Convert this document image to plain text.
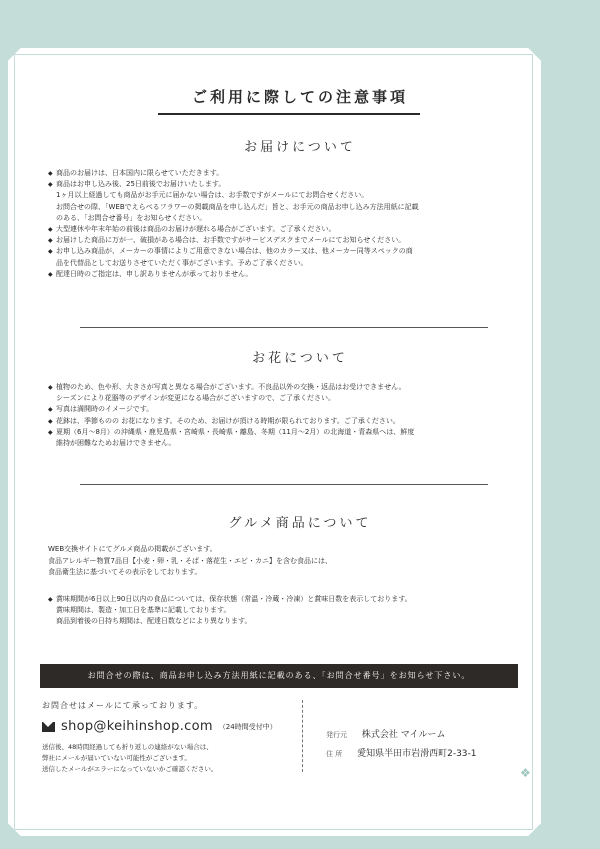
✤
❖
ご利用に際しての注意事項
お届けについて
◆ 商品のお届けは、日本国内に限らせていただきます。
◆ 商品はお申し込み後、25日前後でお届けいたします。
1ヶ月以上経過しても商品がお手元に届かない場合は、お手数ですがメールにてお問合せください。
お問合せの際、「WEBでえらべるフラワーの掲載商品を申し込んだ」旨と、お手元の商品お申し込み方法用紙に記載
のある、「お問合せ番号」をお知らせください。
◆ 大型連休や年末年始の前後は商品のお届けが遅れる場合がございます。ご了承ください。
◆ お届けした商品に万が一、破損がある場合は、お手数ですがサービスデスクまでメールにてお知らせください。
◆ お申し込み商品が、メーカーの事情によりご用意できない場合は、他のカラー又は、他メーカー同等スペックの商
品を代替品としてお送りさせていただく事がございます。予めご了承ください。
◆ 配達日時のご指定は、申し訳ありませんが承っておりません。
お花について
◆ 植物のため、色や形、大きさが写真と異なる場合がございます。不良品以外の交換・返品はお受けできません。
シーズンにより花器等のデザインが変更になる場合がございますので、ご了承ください。
◆ 写真は満開時のイメージです。
◆ 花鉢は、季節ものの お花になります。そのため、お届けが頂ける時期が限られております。ご了承ください。
◆ 夏期（6月〜8月）の沖縄県・鹿児島県・宮崎県・長崎県・離島、冬期（11月〜2月）の北海道・青森県へは、鮮度
維持が困難なためお届けできません。
グルメ商品について
WEB交換サイトにてグルメ商品の掲載がございます。
食品アレルギー物質7品目【小麦・卵・乳・そば・落花生・エビ・カニ】を含む食品には、
食品衛生法に基づいてその表示をしております。
◆ 賞味期間が6日以上90日以内の食品については、保存状態（常温・冷蔵・冷凍）と賞味日数を表示しております。
賞味期間は、製造・加工日を基準に記載しております。
商品到着後の日持ち期間は、配達日数などにより異なります。
お問合せの際は、商品お申し込み方法用紙に記載のある、「お問合せ番号」をお知らせ下さい。
お問合せはメールにて承っております。
shop@keihinshop.com （24時間受付中）
送信後、48時間経過しても折り返しの連絡がない場合は、
弊社にメールが届いていない可能性がございます。
送信したメールがエラーになっていないかご確認ください。
発行元 株式会社 マイルーム
住 所 愛知県半田市岩滑西町2-33-1
